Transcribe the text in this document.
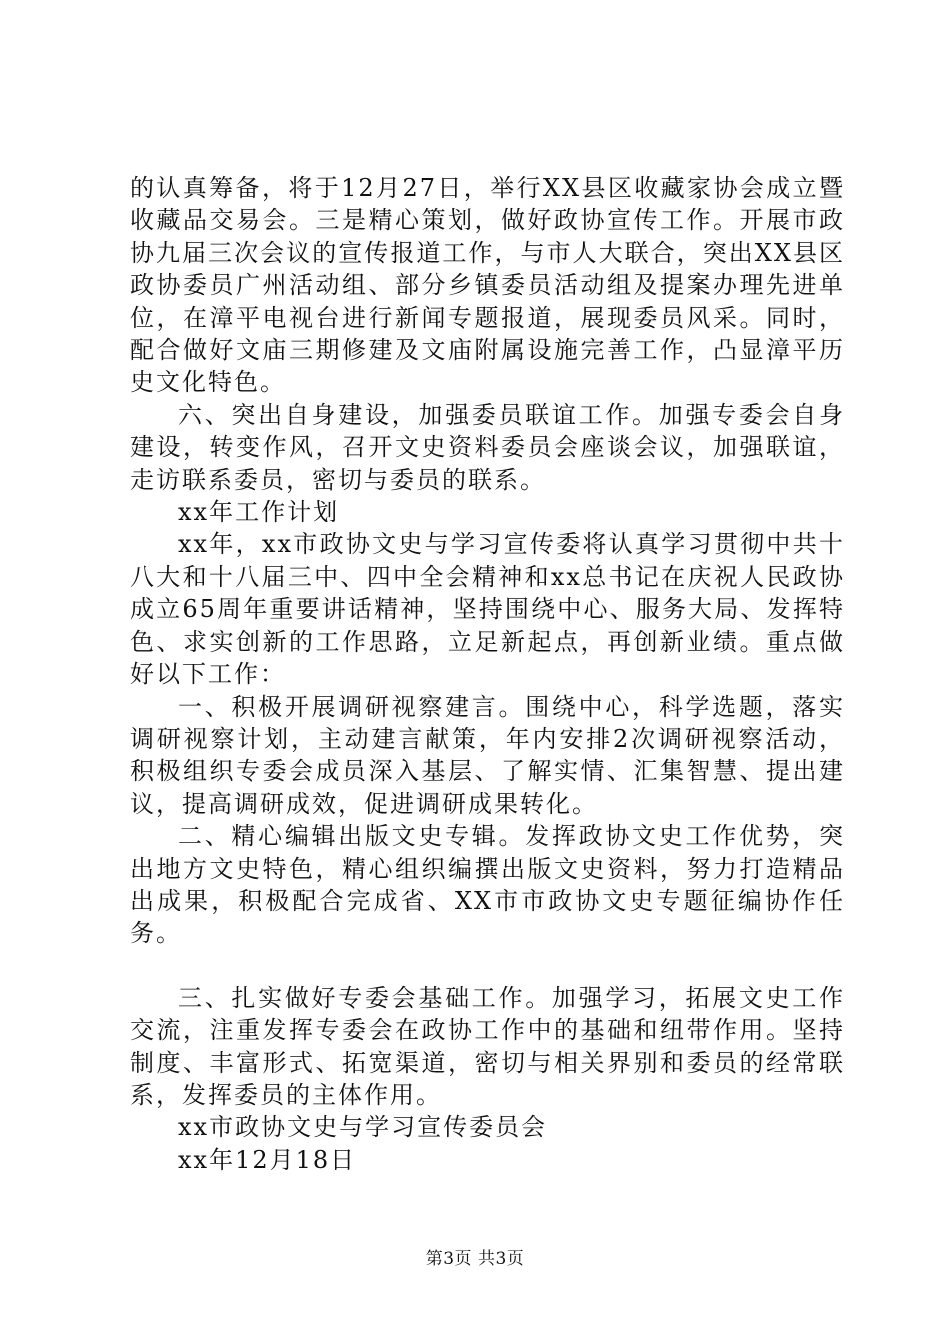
的认真筹备，将于12月27日，举行XX县区收藏家协会成立暨收藏品交易会。三是精心策划，做好政协宣传工作。开展市政协九届三次会议的宣传报道工作，与市人大联合，突出XX县区政协委员广州活动组、部分乡镇委员活动组及提案办理先进单位，在漳平电视台进行新闻专题报道，展现委员风采。同时，配合做好文庙三期修建及文庙附属设施完善工作，凸显漳平历史文化特色。

六、突出自身建设，加强委员联谊工作。加强专委会自身建设，转变作风，召开文史资料委员会座谈会议，加强联谊，走访联系委员，密切与委员的联系。

xx年工作计划

xx年，xx市政协文史与学习宣传委将认真学习贯彻中共十八大和十八届三中、四中全会精神和xx总书记在庆祝人民政协成立65周年重要讲话精神，坚持围绕中心、服务大局、发挥特色、求实创新的工作思路，立足新起点，再创新业绩。重点做好以下工作：

一、积极开展调研视察建言。围绕中心，科学选题，落实调研视察计划，主动建言献策，年内安排2次调研视察活动，积极组织专委会成员深入基层、了解实情、汇集智慧、提出建议，提高调研成效，促进调研成果转化。

二、精心编辑出版文史专辑。发挥政协文史工作优势，突出地方文史特色，精心组织编撰出版文史资料，努力打造精品出成果，积极配合完成省、XX市市政协文史专题征编协作任务。

三、扎实做好专委会基础工作。加强学习，拓展文史工作交流，注重发挥专委会在政协工作中的基础和纽带作用。坚持制度、丰富形式、拓宽渠道，密切与相关界别和委员的经常联系，发挥委员的主体作用。

xx市政协文史与学习宣传委员会

xx年12月18日

第3页 共3页
